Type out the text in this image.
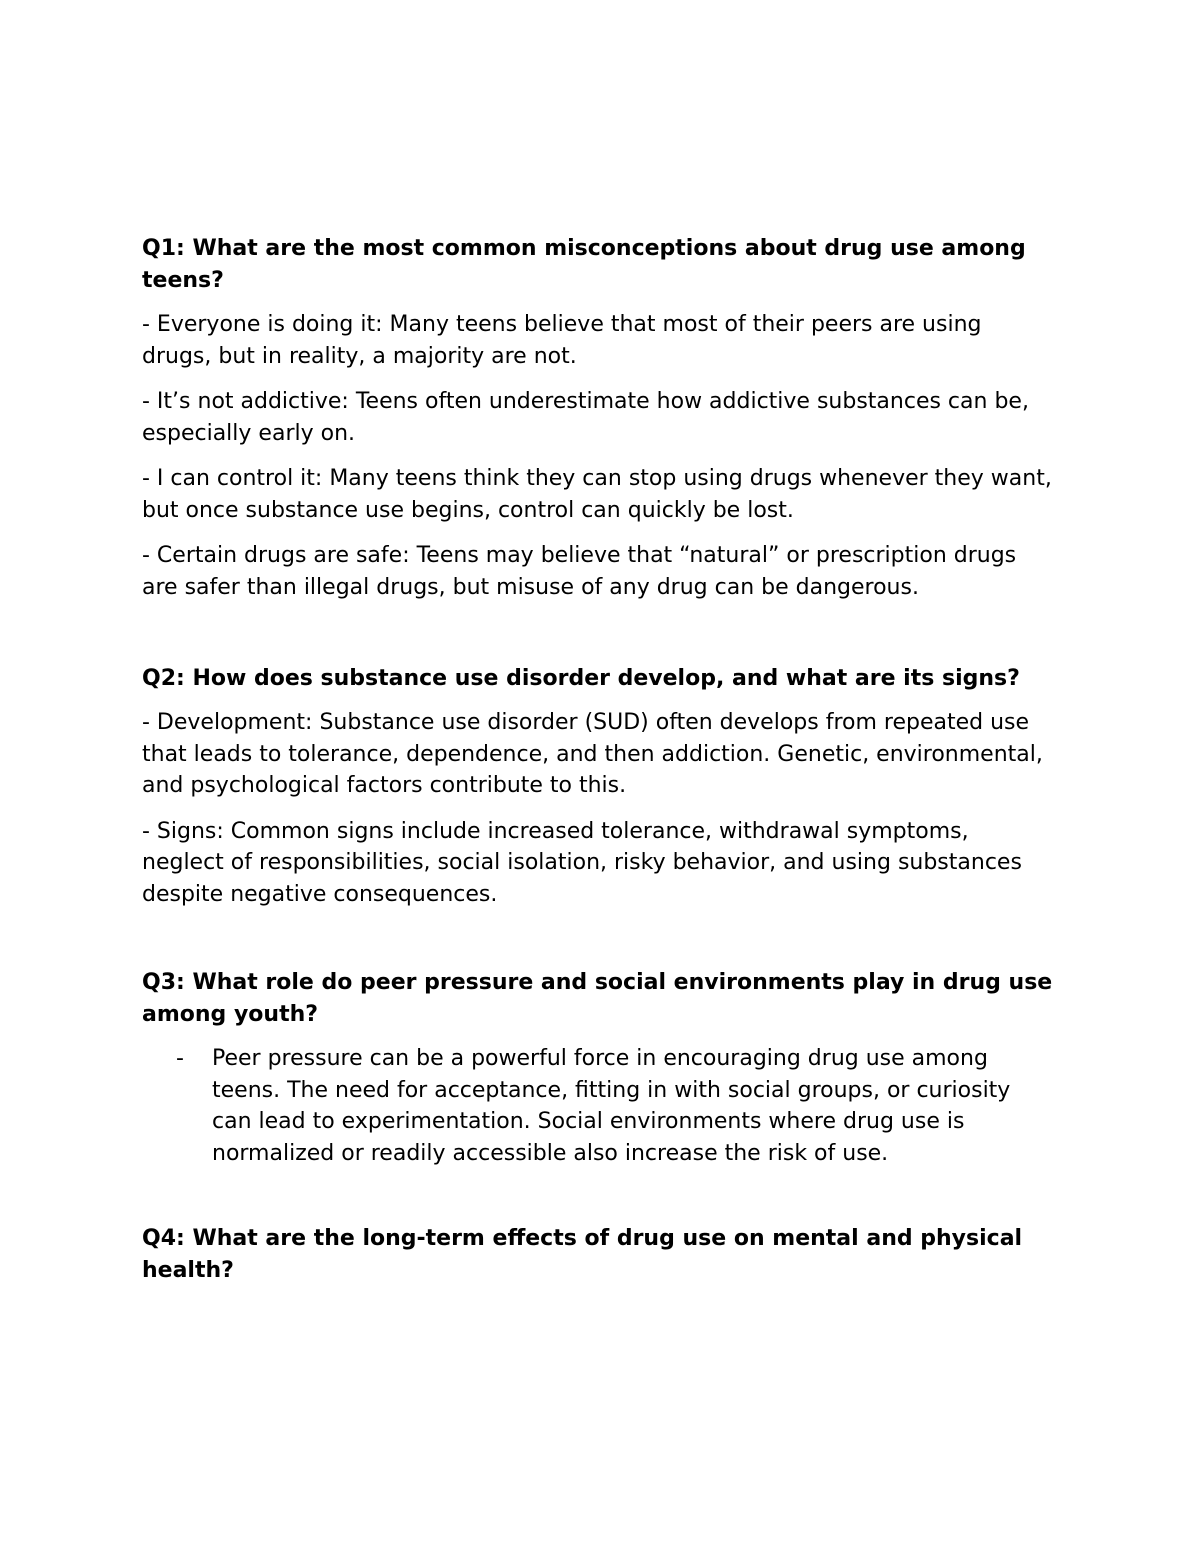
Q1: What are the most common misconceptions about drug use among teens?

- Everyone is doing it: Many teens believe that most of their peers are using drugs, but in reality, a majority are not.

- It’s not addictive: Teens often underestimate how addictive substances can be, especially early on.

- I can control it: Many teens think they can stop using drugs whenever they want, but once substance use begins, control can quickly be lost.

- Certain drugs are safe: Teens may believe that “natural” or prescription drugs are safer than illegal drugs, but misuse of any drug can be dangerous.

Q2: How does substance use disorder develop, and what are its signs?

- Development: Substance use disorder (SUD) often develops from repeated use that leads to tolerance, dependence, and then addiction. Genetic, environmental, and psychological factors contribute to this.

- Signs: Common signs include increased tolerance, withdrawal symptoms, neglect of responsibilities, social isolation, risky behavior, and using substances despite negative consequences.

Q3: What role do peer pressure and social environments play in drug use among youth?

-	Peer pressure can be a powerful force in encouraging drug use among teens. The need for acceptance, fitting in with social groups, or curiosity can lead to experimentation. Social environments where drug use is normalized or readily accessible also increase the risk of use.

Q4: What are the long-term effects of drug use on mental and physical health?
